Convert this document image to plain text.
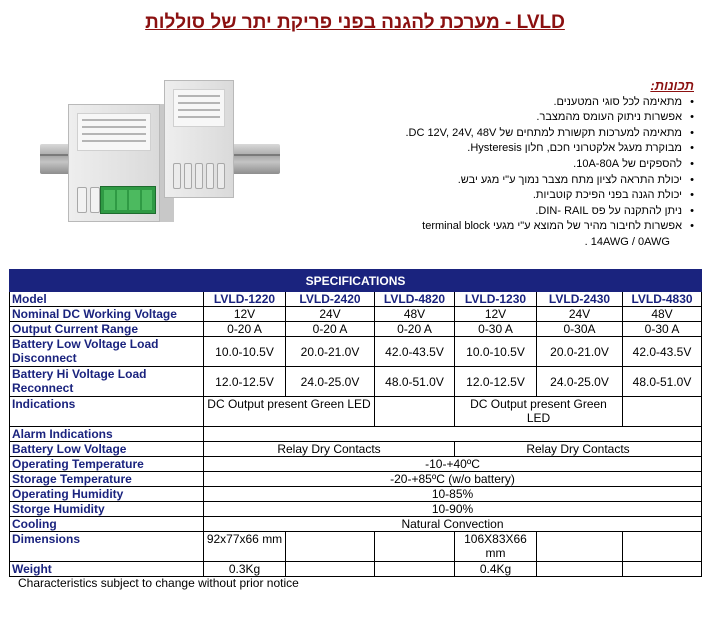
LVLD - מערכת להגנה בפני פריקת יתר של סוללות
תכונות:
• מתאימה לכל סוגי המטענים.
• אפשרות ניתוק העומס מהמצבר.
• מתאימה למערכות תקשורת למתחים של DC 12V, 24V, 48V.
• מבוקרת מעגל אלקטרוני חכם, חלון Hysteresis.
• להספקים של 10A-80A.
• יכולת התראה לציון מתח מצבר נמוך ע"י מגע יבש.
• יכולת הגנה בפני הפיכת קוטביות.
• ניתן להתקנה על פס DIN- RAIL.
• אפשרות לחיבור מהיר של המוצא ע"י מגעי terminal block
14AWG / 0AWG .
SPECIFICATIONS						
Model	LVLD-1220	LVLD-2420	LVLD-4820	LVLD-1230	LVLD-2430	LVLD-4830
Nominal DC Working Voltage	12V	24V	48V	12V	24V	48V
Output Current Range	0-20 A	0-20 A	0-20 A	0-30 A	0-30A	0-30 A
Battery Low Voltage Load Disconnect	10.0-10.5V	20.0-21.0V	42.0-43.5V	10.0-10.5V	20.0-21.0V	42.0-43.5V
Battery Hi Voltage Load Reconnect	12.0-12.5V	24.0-25.0V	48.0-51.0V	12.0-12.5V	24.0-25.0V	48.0-51.0V
Indications	DC Output present Green LED			DC Output present Green LED		
Alarm Indications						
Battery Low Voltage	Relay Dry Contacts			Relay Dry Contacts		
Operating Temperature	-10-+40ºC					
Storage Temperature	-20-+85ºC (w/o battery)					
Operating Humidity	10-85%					
Storge Humidity	10-90%					
Cooling	Natural Convection					
Dimensions	92x77x66 mm			106X83X66 mm		
Weight	0.3Kg			0.4Kg		
Characteristics subject to change without prior notice
